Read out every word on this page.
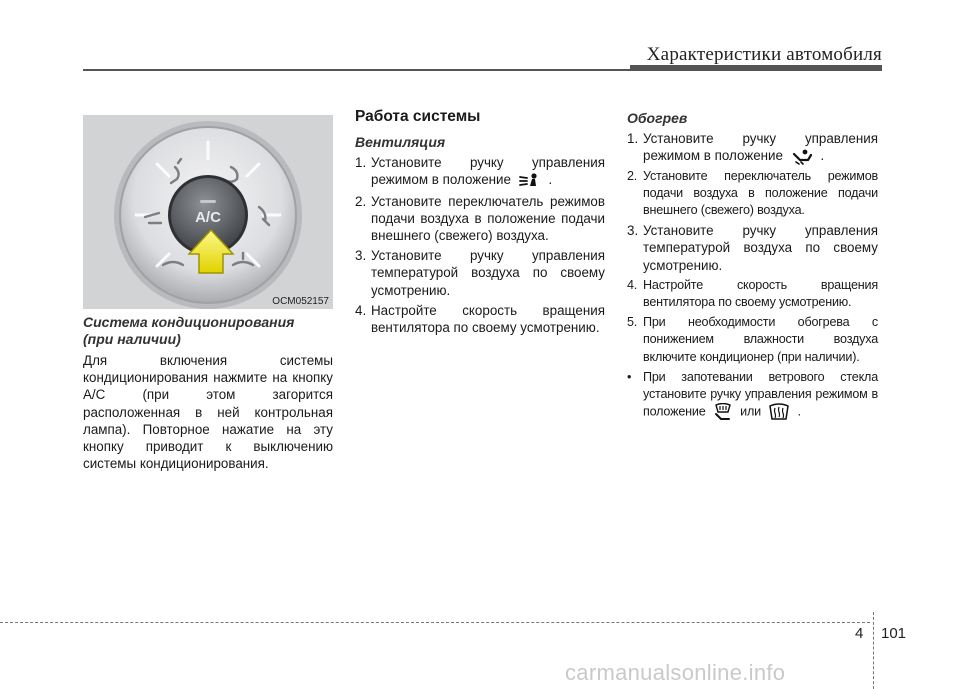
Характеристики автомобиля
A/C
OCM052157
Система кондиционирования
(при наличии)
Для включения системы кондиционирования нажмите на кнопку A/C (при этом загорится расположенная в ней контрольная лампа). Повторное нажатие на эту кнопку приводит к выключению системы кондиционирования.
Работа системы
Вентиляция
1. Установите ручку управления режимом в положение	.
2. Установите переключатель режимов подачи воздуха в положение подачи внешнего (свежего) воздуха.
3. Установите ручку управления температурой воздуха по своему усмотрению.
4. Настройте скорость вращения вентилятора по своему усмотрению.
Обогрев
1. Установите ручку управления режимом в положение	.
2. Установите переключатель режимов подачи воздуха в положение подачи внешнего (свежего) воздуха.
3. Установите ручку управления температурой воздуха по своему усмотрению.
4. Настройте скорость вращения вентилятора по своему усмотрению.
5. При необходимости обогрева с понижением влажности воздуха включите кондиционер (при наличии).
• При запотевании ветрового стекла установите ручку управления режимом в положение	или	.
4 101
carmanualsonline.info
